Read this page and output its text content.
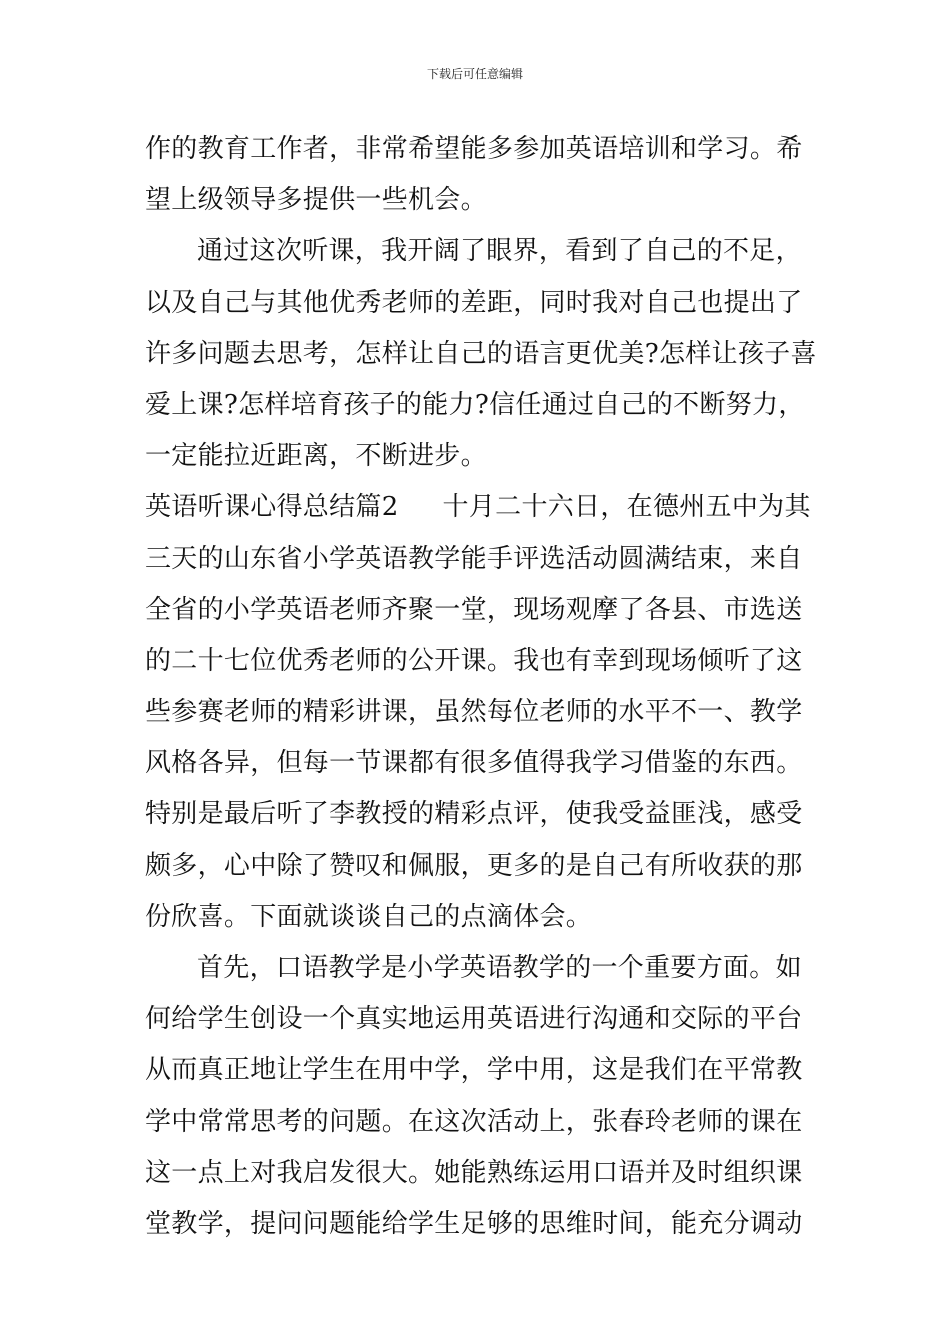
下载后可任意编辑
作的教育工作者，非常希望能多参加英语培训和学习。希
望上级领导多提供一些机会。
通过这次听课，我开阔了眼界，看到了自己的不足，
以及自己与其他优秀老师的差距，同时我对自己也提出了
许多问题去思考，怎样让自己的语言更优美?怎样让孩子喜
爱上课?怎样培育孩子的能力?信任通过自己的不断努力，
一定能拉近距离，不断进步。
英语听课心得总结篇2 十月二十六日，在德州五中为其
三天的山东省小学英语教学能手评选活动圆满结束，来自
全省的小学英语老师齐聚一堂，现场观摩了各县、市选送
的二十七位优秀老师的公开课。我也有幸到现场倾听了这
些参赛老师的精彩讲课，虽然每位老师的水平不一、教学
风格各异，但每一节课都有很多值得我学习借鉴的东西。
特别是最后听了李教授的精彩点评，使我受益匪浅，感受
颇多，心中除了赞叹和佩服，更多的是自己有所收获的那
份欣喜。下面就谈谈自己的点滴体会。
首先，口语教学是小学英语教学的一个重要方面。如
何给学生创设一个真实地运用英语进行沟通和交际的平台
从而真正地让学生在用中学，学中用，这是我们在平常教
学中常常思考的问题。在这次活动上，张春玲老师的课在
这一点上对我启发很大。她能熟练运用口语并及时组织课
堂教学，提问问题能给学生足够的思维时间，能充分调动
